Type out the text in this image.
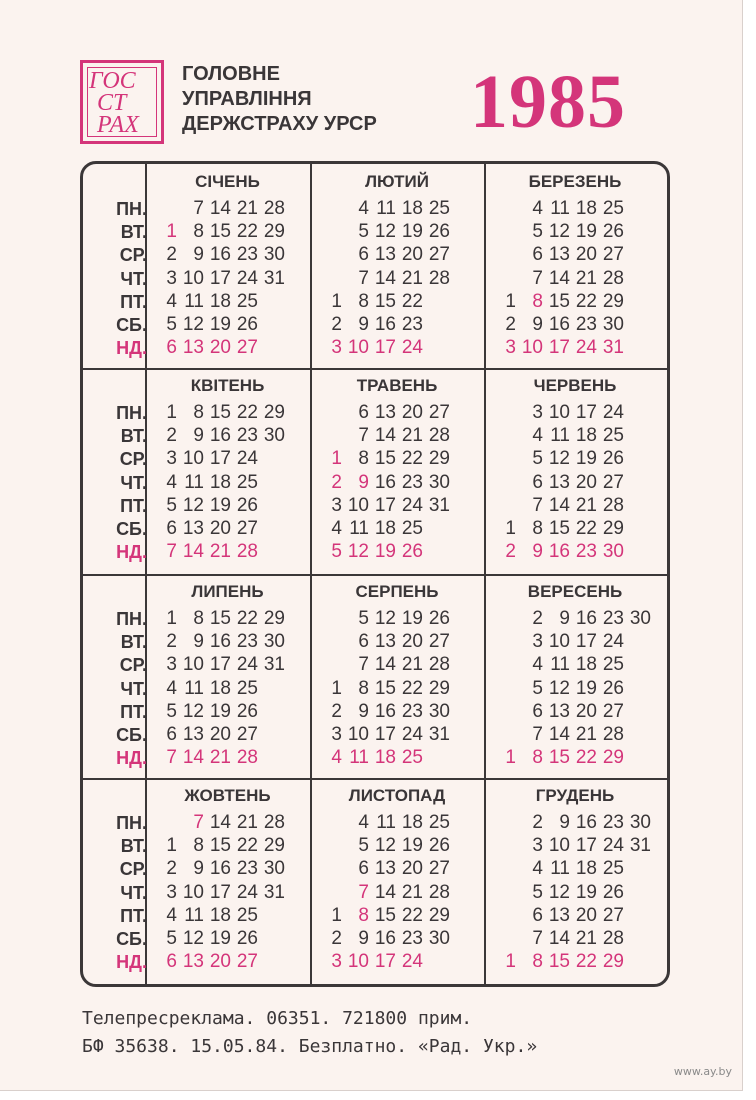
ГОС
СТ
РАХ
ГОЛОВНЕ
УПРАВЛІННЯ
ДЕРЖСТРАХУ УРСР 1985
ПН.
ВТ.
СР.
ЧТ.
ПТ.
СБ.
НД.
СІЧЕНЬ
1
2
3
4
5
6
7
8
9
10
11
12
13
14
15
16
17
18
19
20
21
22
23
24
25
26
27
28
29
30
31
ЛЮТИЙ
1
2
3
4
5
6
7
8
9
10
11
12
13
14
15
16
17
18
19
20
21
22
23
24
25
26
27
28
БЕРЕЗЕНЬ
1
2
3
4
5
6
7
8
9
10
11
12
13
14
15
16
17
18
19
20
21
22
23
24
25
26
27
28
29
30
31
ПН.
ВТ.
СР.
ЧТ.
ПТ.
СБ.
НД.
КВІТЕНЬ
1
2
3
4
5
6
7
8
9
10
11
12
13
14
15
16
17
18
19
20
21
22
23
24
25
26
27
28
29
30
ТРАВЕНЬ
1
2
3
4
5
6
7
8
9
10
11
12
13
14
15
16
17
18
19
20
21
22
23
24
25
26
27
28
29
30
31
ЧЕРВЕНЬ
1
2
3
4
5
6
7
8
9
10
11
12
13
14
15
16
17
18
19
20
21
22
23
24
25
26
27
28
29
30
ПН.
ВТ.
СР.
ЧТ.
ПТ.
СБ.
НД.
ЛИПЕНЬ
1
2
3
4
5
6
7
8
9
10
11
12
13
14
15
16
17
18
19
20
21
22
23
24
25
26
27
28
29
30
31
СЕРПЕНЬ
1
2
3
4
5
6
7
8
9
10
11
12
13
14
15
16
17
18
19
20
21
22
23
24
25
26
27
28
29
30
31
ВЕРЕСЕНЬ
1
2
3
4
5
6
7
8
9
10
11
12
13
14
15
16
17
18
19
20
21
22
23
24
25
26
27
28
29
30
ПН.
ВТ.
СР.
ЧТ.
ПТ.
СБ.
НД.
ЖОВТЕНЬ
1
2
3
4
5
6
7
8
9
10
11
12
13
14
15
16
17
18
19
20
21
22
23
24
25
26
27
28
29
30
31
ЛИСТОПАД
1
2
3
4
5
6
7
8
9
10
11
12
13
14
15
16
17
18
19
20
21
22
23
24
25
26
27
28
29
30
ГРУДЕНЬ
1
2
3
4
5
6
7
8
9
10
11
12
13
14
15
16
17
18
19
20
21
22
23
24
25
26
27
28
29
30
31
Телепресреклама. 06351. 721800 прим.
БФ 35638. 15.05.84. Безплатно. «Рад. Укр.»
www.ay.by
